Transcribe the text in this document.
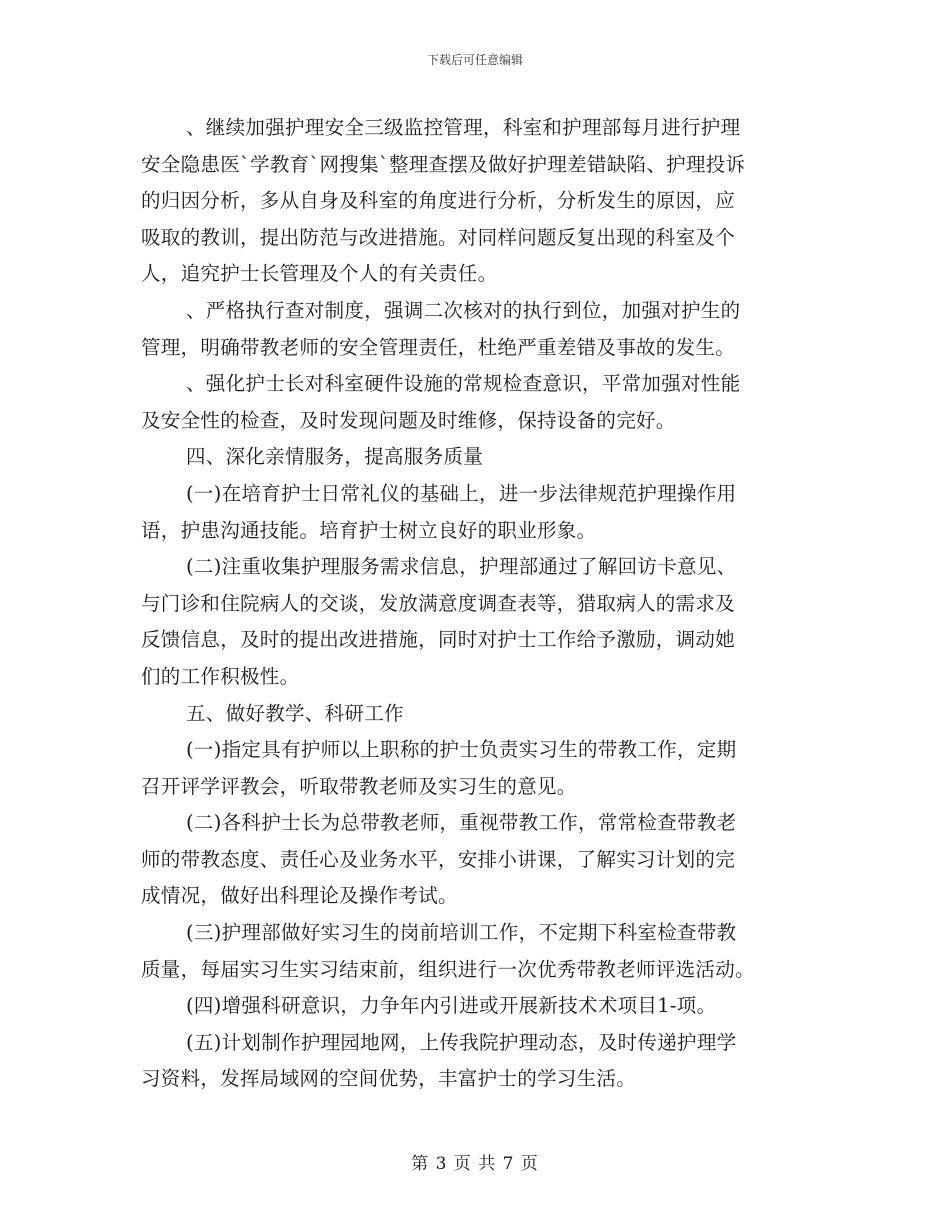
下载后可任意编辑

、继续加强护理安全三级监控管理，科室和护理部每月进行护理
安全隐患医`学教育`网搜集`整理查摆及做好护理差错缺陷、护理投诉
的归因分析，多从自身及科室的角度进行分析，分析发生的原因，应
吸取的教训，提出防范与改进措施。对同样问题反复出现的科室及个
人，追究护士长管理及个人的有关责任。

、严格执行查对制度，强调二次核对的执行到位，加强对护生的
管理，明确带教老师的安全管理责任，杜绝严重差错及事故的发生。

、强化护士长对科室硬件设施的常规检查意识，平常加强对性能
及安全性的检查，及时发现问题及时维修，保持设备的完好。

四、深化亲情服务，提高服务质量

(一)在培育护士日常礼仪的基础上，进一步法律规范护理操作用
语，护患沟通技能。培育护士树立良好的职业形象。

(二)注重收集护理服务需求信息，护理部通过了解回访卡意见、
与门诊和住院病人的交谈，发放满意度调查表等，猎取病人的需求及
反馈信息，及时的提出改进措施，同时对护士工作给予激励，调动她
们的工作积极性。

五、做好教学、科研工作

(一)指定具有护师以上职称的护士负责实习生的带教工作，定期
召开评学评教会，听取带教老师及实习生的意见。

(二)各科护士长为总带教老师，重视带教工作，常常检查带教老
师的带教态度、责任心及业务水平，安排小讲课，了解实习计划的完
成情况，做好出科理论及操作考试。

(三)护理部做好实习生的岗前培训工作，不定期下科室检查带教
质量，每届实习生实习结束前，组织进行一次优秀带教老师评选活动。

(四)增强科研意识，力争年内引进或开展新技术术项目1-项。

(五)计划制作护理园地网，上传我院护理动态，及时传递护理学
习资料，发挥局域网的空间优势，丰富护士的学习生活。

第 3 页 共 7 页
